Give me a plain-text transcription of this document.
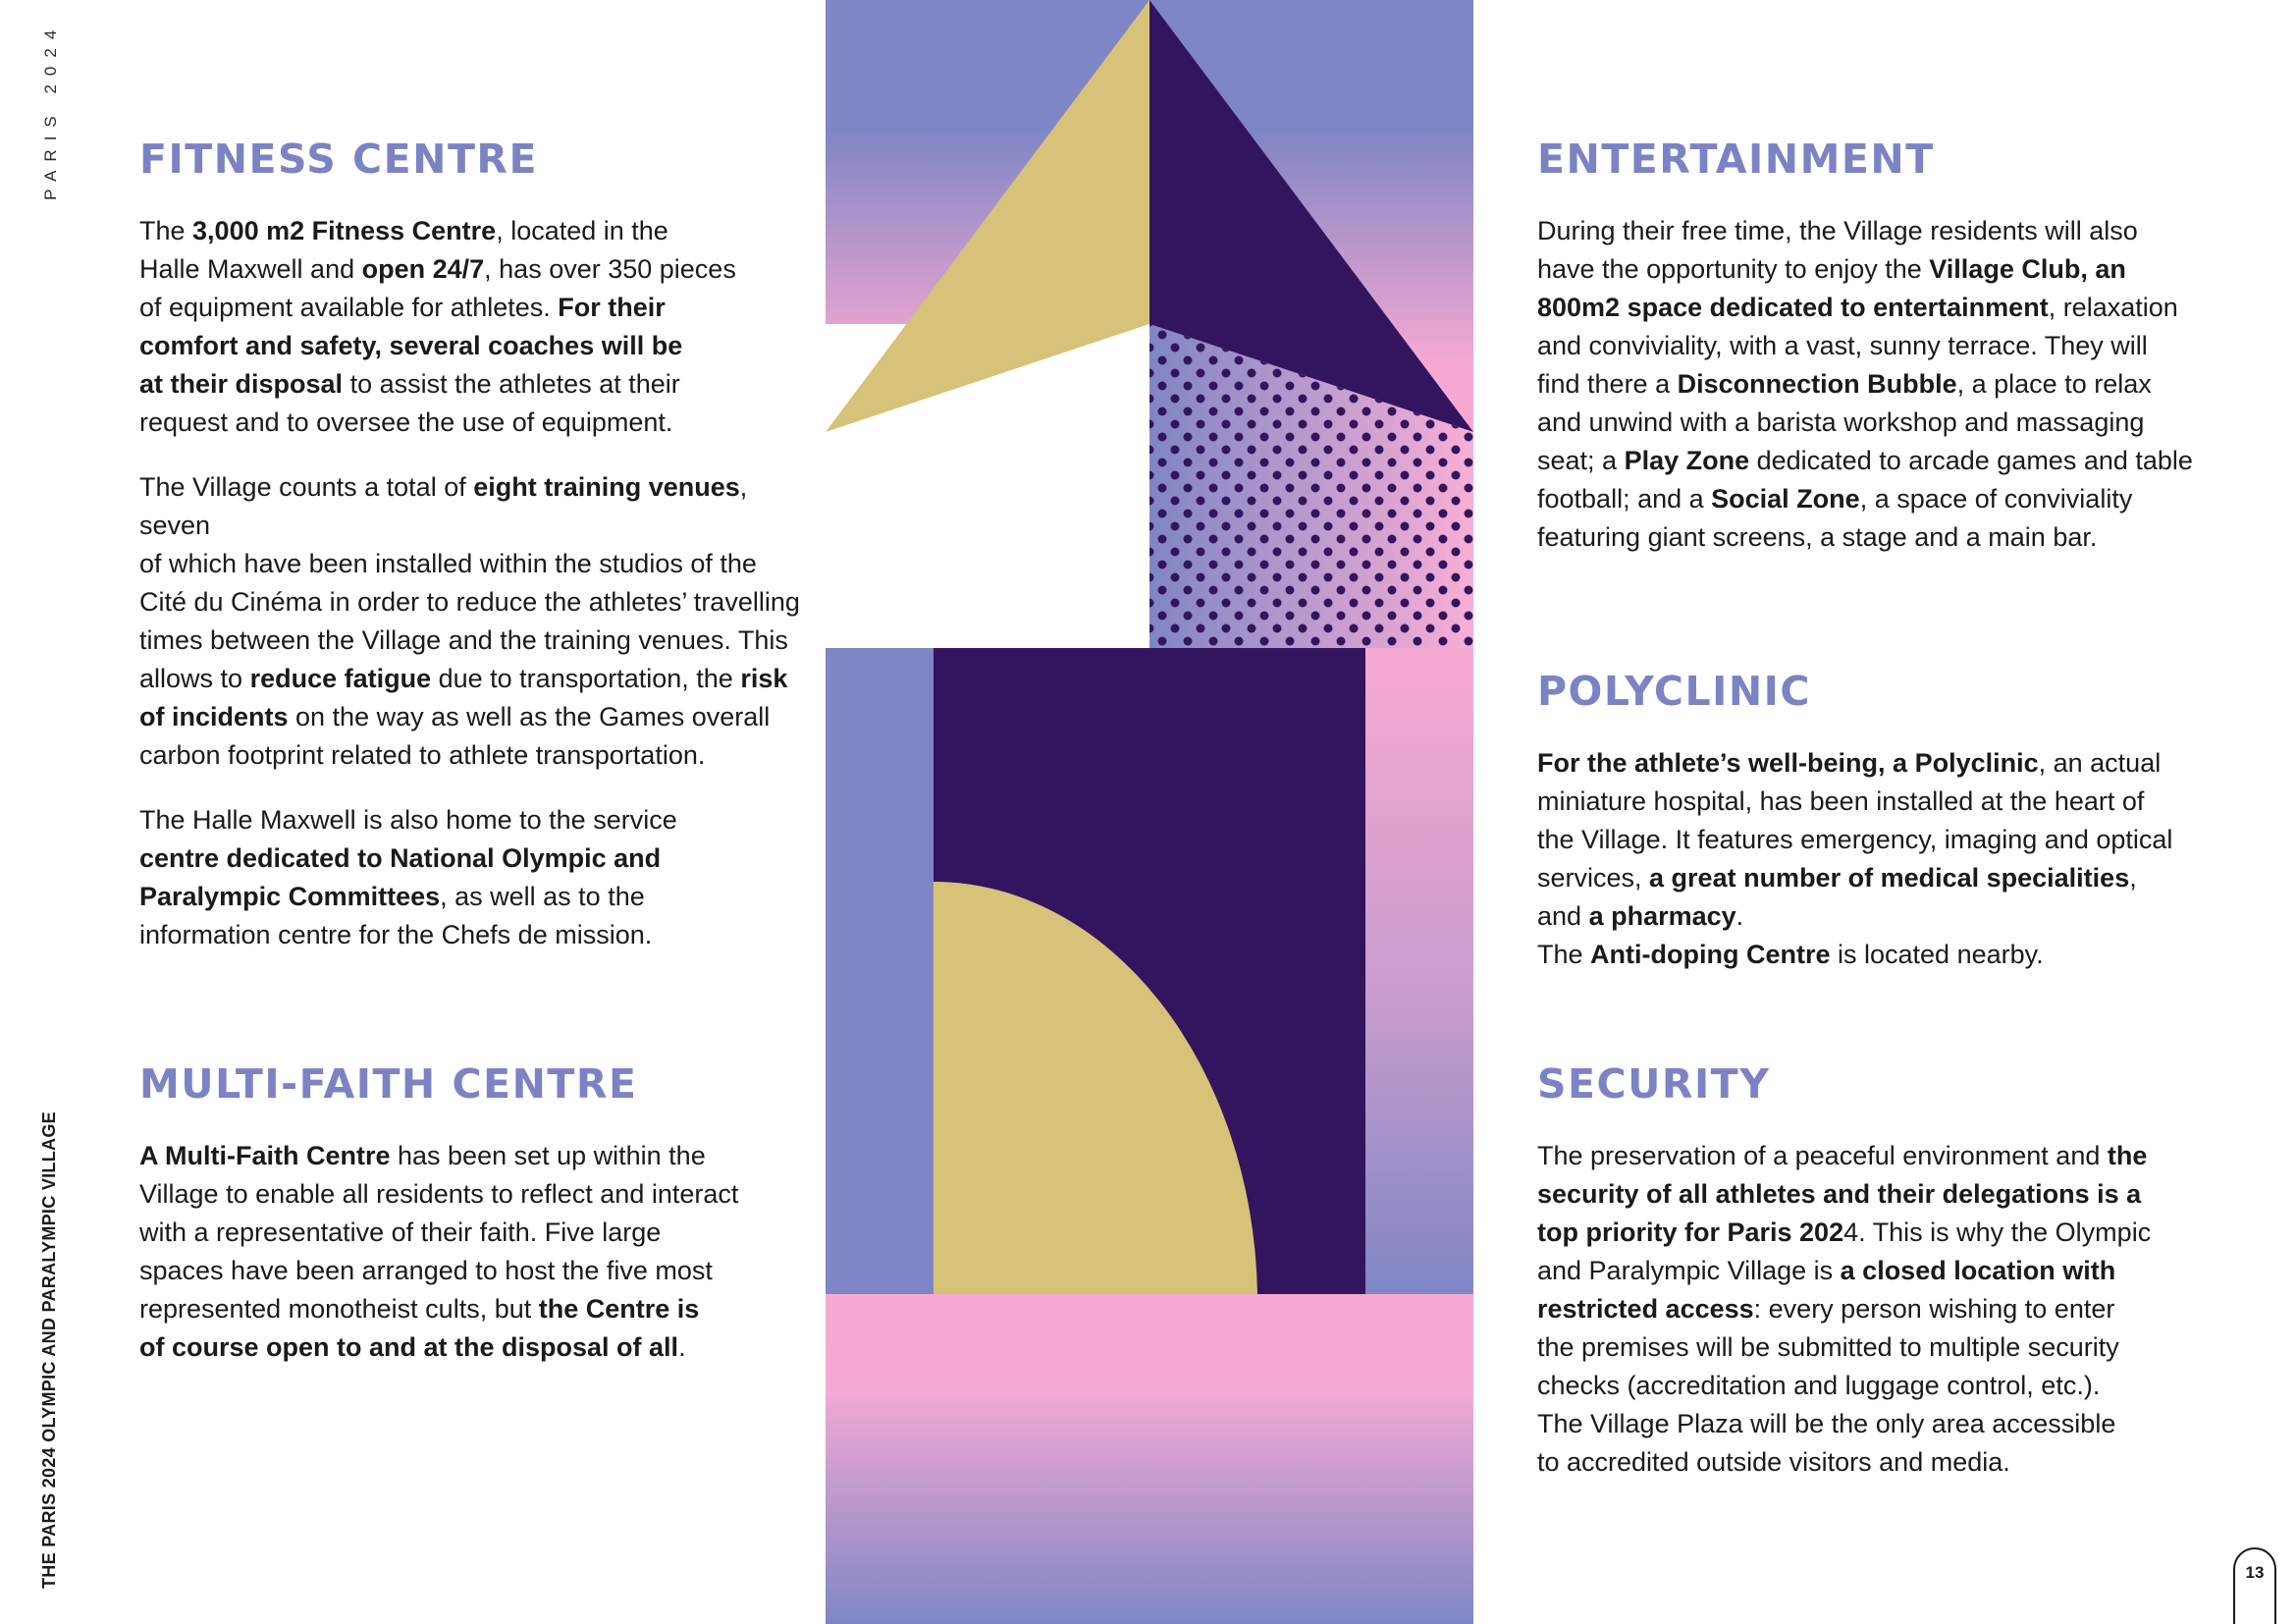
PARIS 2024
THE PARIS 2024 OLYMPIC AND PARALYMPIC VILLAGE
FITNESS CENTRE

The 3,000 m2 Fitness Centre, located in the
Halle Maxwell and open 24/7, has over 350 pieces
of equipment available for athletes. For their
comfort and safety, several coaches will be
at their disposal to assist the athletes at their
request and to oversee the use of equipment.

The Village counts a total of eight training venues, seven
of which have been installed within the studios of the
Cité du Cinéma in order to reduce the athletes’ travelling
times between the Village and the training venues. This
allows to reduce fatigue due to transportation, the risk
of incidents on the way as well as the Games overall
carbon footprint related to athlete transportation.

The Halle Maxwell is also home to the service
centre dedicated to National Olympic and
Paralympic Committees, as well as to the
information centre for the Chefs de mission.

MULTI-FAITH CENTRE

A Multi-Faith Centre has been set up within the
Village to enable all residents to reflect and interact
with a representative of their faith. Five large
spaces have been arranged to host the five most
represented monotheist cults, but the Centre is
of course open to and at the disposal of all.

ENTERTAINMENT

During their free time, the Village residents will also
have the opportunity to enjoy the Village Club, an
800m2 space dedicated to entertainment, relaxation
and conviviality, with a vast, sunny terrace. They will
find there a Disconnection Bubble, a place to relax
and unwind with a barista workshop and massaging
seat; a Play Zone dedicated to arcade games and table
football; and a Social Zone, a space of conviviality
featuring giant screens, a stage and a main bar.

POLYCLINIC

For the athlete’s well-being, a Polyclinic, an actual
miniature hospital, has been installed at the heart of
the Village. It features emergency, imaging and optical
services, a great number of medical specialities,
and a pharmacy.
The Anti-doping Centre is located nearby.

SECURITY

The preservation of a peaceful environment and the
security of all athletes and their delegations is a
top priority for Paris 2024. This is why the Olympic
and Paralympic Village is a closed location with
restricted access: every person wishing to enter
the premises will be submitted to multiple security
checks (accreditation and luggage control, etc.).
The Village Plaza will be the only area accessible
to accredited outside visitors and media.

13
